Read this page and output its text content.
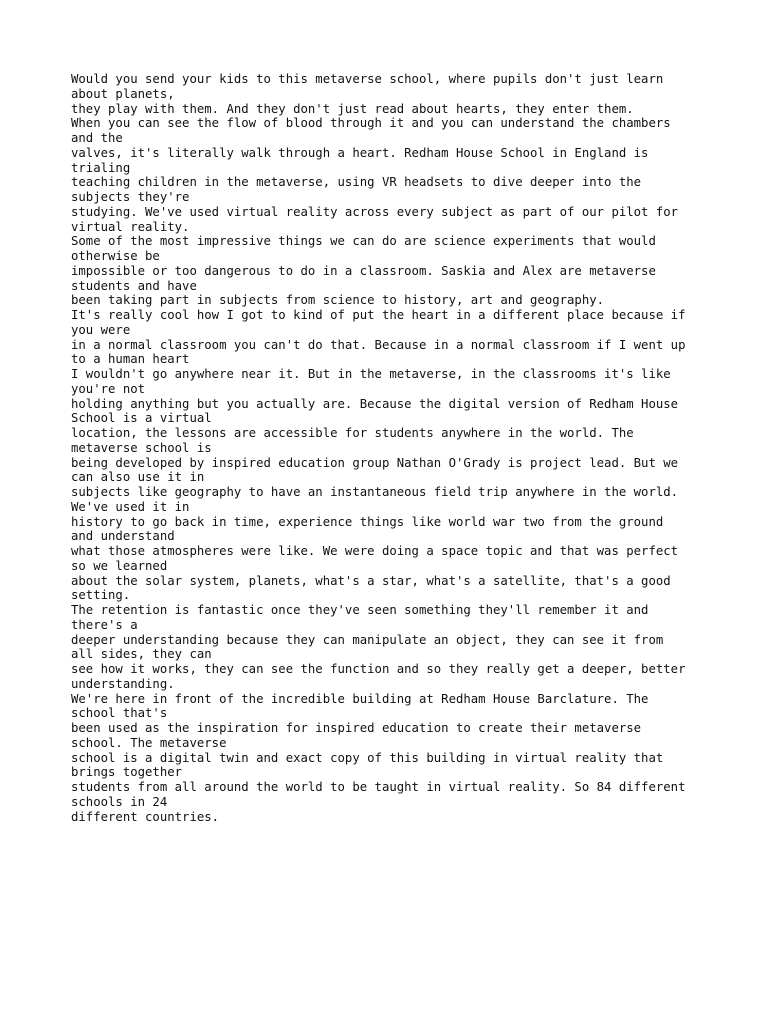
Would you send your kids to this metaverse school, where pupils don't just learn
about planets,
they play with them. And they don't just read about hearts, they enter them.
When you can see the flow of blood through it and you can understand the chambers
and the
valves, it's literally walk through a heart. Redham House School in England is
trialing
teaching children in the metaverse, using VR headsets to dive deeper into the
subjects they're
studying. We've used virtual reality across every subject as part of our pilot for
virtual reality.
Some of the most impressive things we can do are science experiments that would
otherwise be
impossible or too dangerous to do in a classroom. Saskia and Alex are metaverse
students and have
been taking part in subjects from science to history, art and geography.
It's really cool how I got to kind of put the heart in a different place because if
you were
in a normal classroom you can't do that. Because in a normal classroom if I went up
to a human heart
I wouldn't go anywhere near it. But in the metaverse, in the classrooms it's like
you're not
holding anything but you actually are. Because the digital version of Redham House
School is a virtual
location, the lessons are accessible for students anywhere in the world. The
metaverse school is
being developed by inspired education group Nathan O'Grady is project lead. But we
can also use it in
subjects like geography to have an instantaneous field trip anywhere in the world.
We've used it in
history to go back in time, experience things like world war two from the ground
and understand
what those atmospheres were like. We were doing a space topic and that was perfect
so we learned
about the solar system, planets, what's a star, what's a satellite, that's a good
setting.
The retention is fantastic once they've seen something they'll remember it and
there's a
deeper understanding because they can manipulate an object, they can see it from
all sides, they can
see how it works, they can see the function and so they really get a deeper, better
understanding.
We're here in front of the incredible building at Redham House Barclature. The
school that's
been used as the inspiration for inspired education to create their metaverse
school. The metaverse
school is a digital twin and exact copy of this building in virtual reality that
brings together
students from all around the world to be taught in virtual reality. So 84 different
schools in 24
different countries.
